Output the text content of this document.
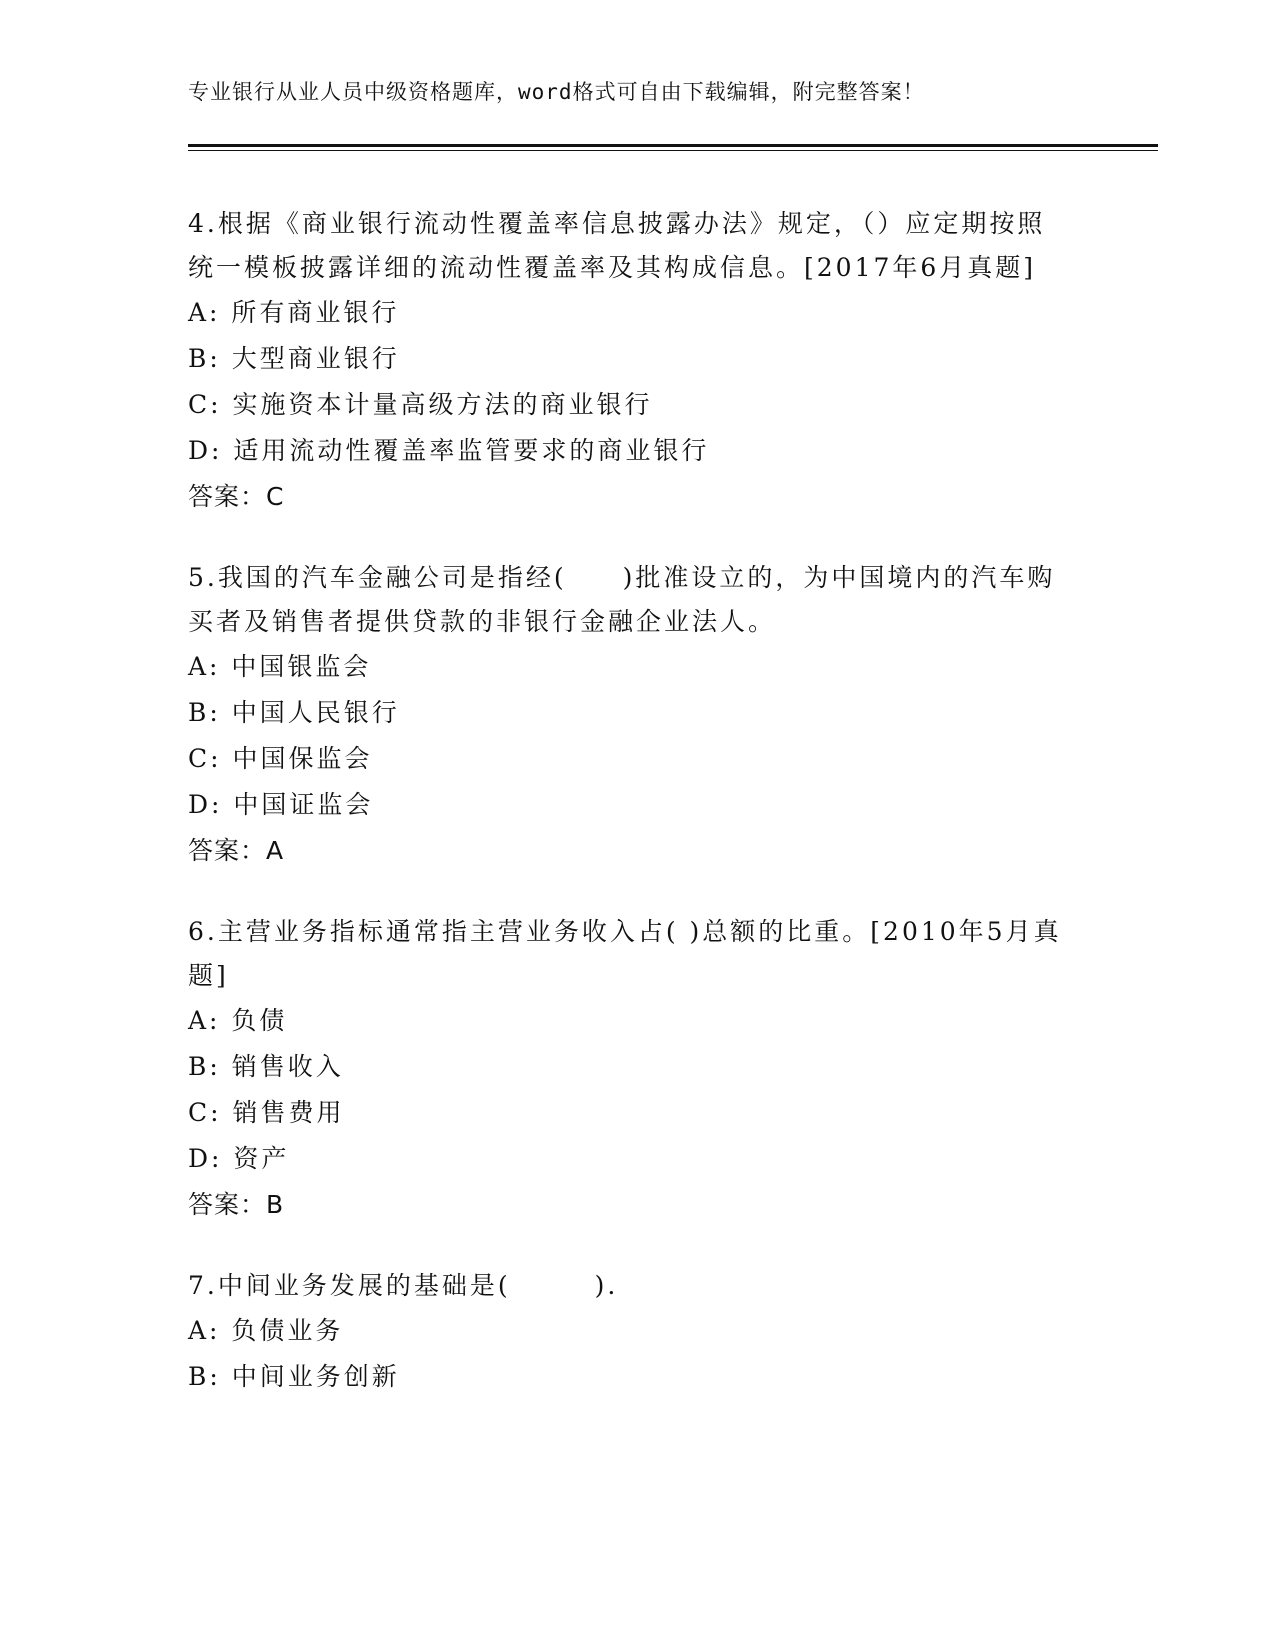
专业银行从业人员中级资格题库，word格式可自由下载编辑，附完整答案！
4.根据《商业银行流动性覆盖率信息披露办法》规定，（）应定期按照统一模板披露详细的流动性覆盖率及其构成信息。[2017年6月真题]
A: 所有商业银行
B: 大型商业银行
C: 实施资本计量高级方法的商业银行
D: 适用流动性覆盖率监管要求的商业银行
答案：C
5.我国的汽车金融公司是指经(　　)批准设立的，为中国境内的汽车购买者及销售者提供贷款的非银行金融企业法人。
A: 中国银监会
B: 中国人民银行
C: 中国保监会
D: 中国证监会
答案：A
6.主营业务指标通常指主营业务收入占( )总额的比重。[2010年5月真题]
A: 负债
B: 销售收入
C: 销售费用
D: 资产
答案：B
7.中间业务发展的基础是(　　　).
A: 负债业务
B: 中间业务创新
